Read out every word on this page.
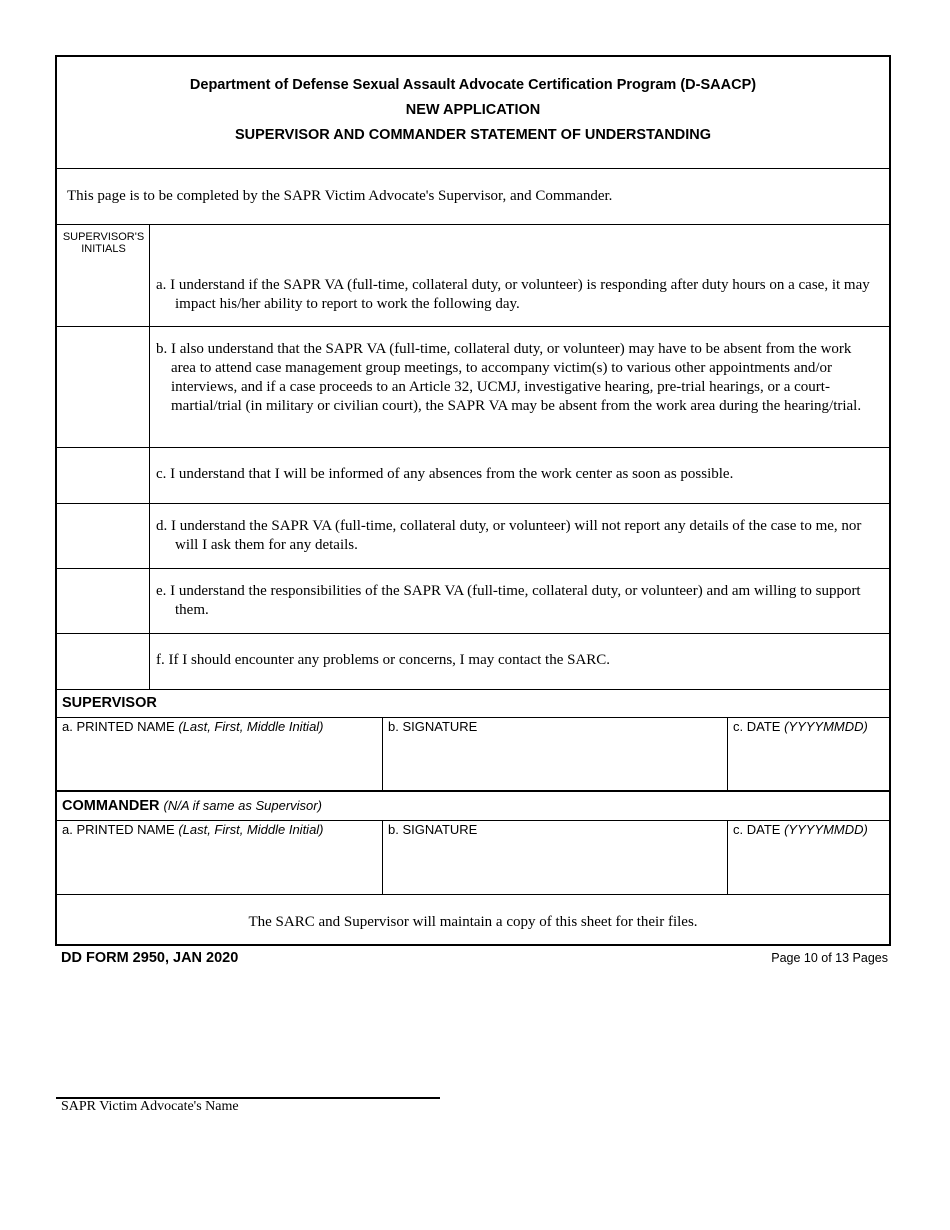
Department of Defense Sexual Assault Advocate Certification Program (D-SAACP)
NEW APPLICATION
SUPERVISOR AND COMMANDER STATEMENT OF UNDERSTANDING
This page is to be completed by the SAPR Victim Advocate's Supervisor, and Commander.
SUPERVISOR'S
INITIALS
a. I understand if the SAPR VA (full-time, collateral duty, or volunteer) is responding after duty hours on a case, it may impact his/her ability to report to work the following day.
b. I also understand that the SAPR VA (full-time, collateral duty, or volunteer) may have to be absent from the work area to attend case management group meetings, to accompany victim(s) to various other appointments and/or interviews, and if a case proceeds to an Article 32, UCMJ, investigative hearing, pre-trial hearings, or a court-martial/trial (in military or civilian court), the SAPR VA may be absent from the work area during the hearing/trial.
c. I understand that I will be informed of any absences from the work center as soon as possible.
d. I understand the SAPR VA (full-time, collateral duty, or volunteer) will not report any details of the case to me, nor will I ask them for any details.
e. I understand the responsibilities of the SAPR VA (full-time, collateral duty, or volunteer) and am willing to support them.
f. If I should encounter any problems or concerns, I may contact the SARC.
SUPERVISOR
a. PRINTED NAME (Last, First, Middle Initial)	b. SIGNATURE	c. DATE (YYYYMMDD)
COMMANDER (N/A if same as Supervisor)
a. PRINTED NAME (Last, First, Middle Initial)	b. SIGNATURE	c. DATE (YYYYMMDD)
The SARC and Supervisor will maintain a copy of this sheet for their files.
DD FORM 2950, JAN 2020	Page 10 of 13 Pages
SAPR Victim Advocate's Name
